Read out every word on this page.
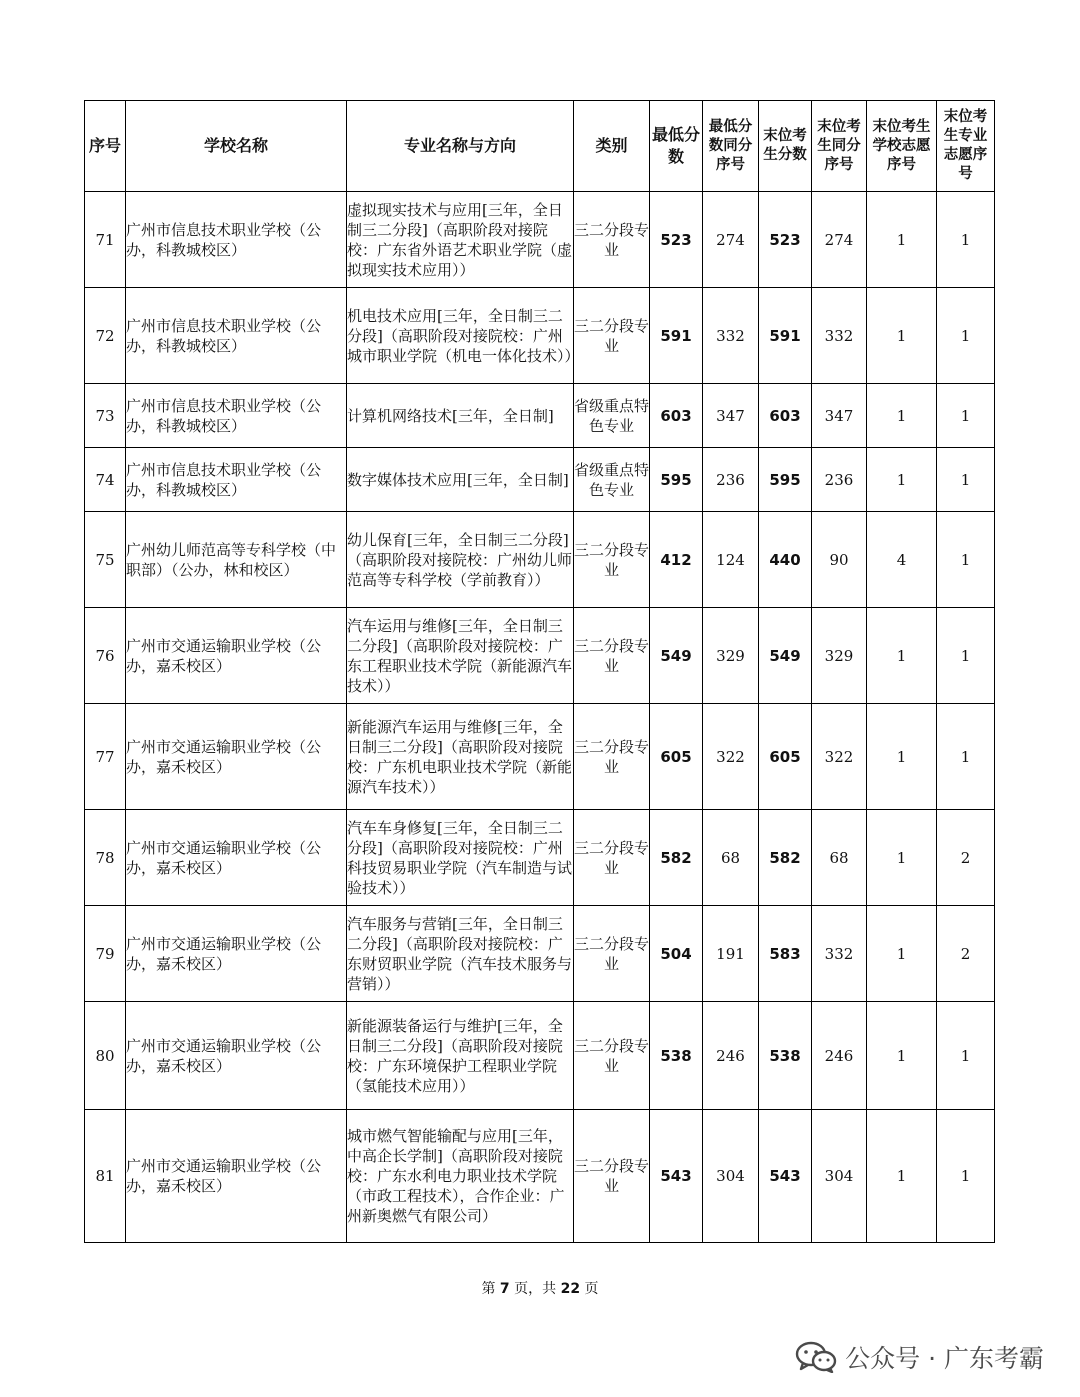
序号	学校名称	专业名称与方向	类别	最低分数	最低分数同分序号	末位考生分数	末位考生同分序号	末位考生学校志愿序号	末位考生专业志愿序号
71	广州市信息技术职业学校（公办，科教城校区）	虚拟现实技术与应用[三年，全日制三二分段]（高职阶段对接院校：广东省外语艺术职业学院（虚拟现实技术应用））	三二分段专业	523	274	523	274	1	1
72	广州市信息技术职业学校（公办，科教城校区）	机电技术应用[三年，全日制三二分段]（高职阶段对接院校：广州城市职业学院（机电一体化技术））	三二分段专业	591	332	591	332	1	1
73	广州市信息技术职业学校（公办，科教城校区）	计算机网络技术[三年，全日制]	省级重点特色专业	603	347	603	347	1	1
74	广州市信息技术职业学校（公办，科教城校区）	数字媒体技术应用[三年，全日制]	省级重点特色专业	595	236	595	236	1	1
75	广州幼儿师范高等专科学校（中职部）（公办，林和校区）	幼儿保育[三年，全日制三二分段]（高职阶段对接院校：广州幼儿师范高等专科学校（学前教育））	三二分段专业	412	124	440	90	4	1
76	广州市交通运输职业学校（公办，嘉禾校区）	汽车运用与维修[三年，全日制三二分段]（高职阶段对接院校：广东工程职业技术学院（新能源汽车技术））	三二分段专业	549	329	549	329	1	1
77	广州市交通运输职业学校（公办，嘉禾校区）	新能源汽车运用与维修[三年，全日制三二分段]（高职阶段对接院校：广东机电职业技术学院（新能源汽车技术））	三二分段专业	605	322	605	322	1	1
78	广州市交通运输职业学校（公办，嘉禾校区）	汽车车身修复[三年，全日制三二分段]（高职阶段对接院校：广州科技贸易职业学院（汽车制造与试验技术））	三二分段专业	582	68	582	68	1	2
79	广州市交通运输职业学校（公办，嘉禾校区）	汽车服务与营销[三年，全日制三二分段]（高职阶段对接院校：广东财贸职业学院（汽车技术服务与营销））	三二分段专业	504	191	583	332	1	2
80	广州市交通运输职业学校（公办，嘉禾校区）	新能源装备运行与维护[三年，全日制三二分段]（高职阶段对接院校：广东环境保护工程职业学院（氢能技术应用））	三二分段专业	538	246	538	246	1	1
81	广州市交通运输职业学校（公办，嘉禾校区）	城市燃气智能输配与应用[三年，中高企长学制]（高职阶段对接院校：广东水利电力职业技术学院（市政工程技术），合作企业：广州新奥燃气有限公司）	三二分段专业	543	304	543	304	1	1
第 7 页，共 22 页
公众号 · 广东考霸
